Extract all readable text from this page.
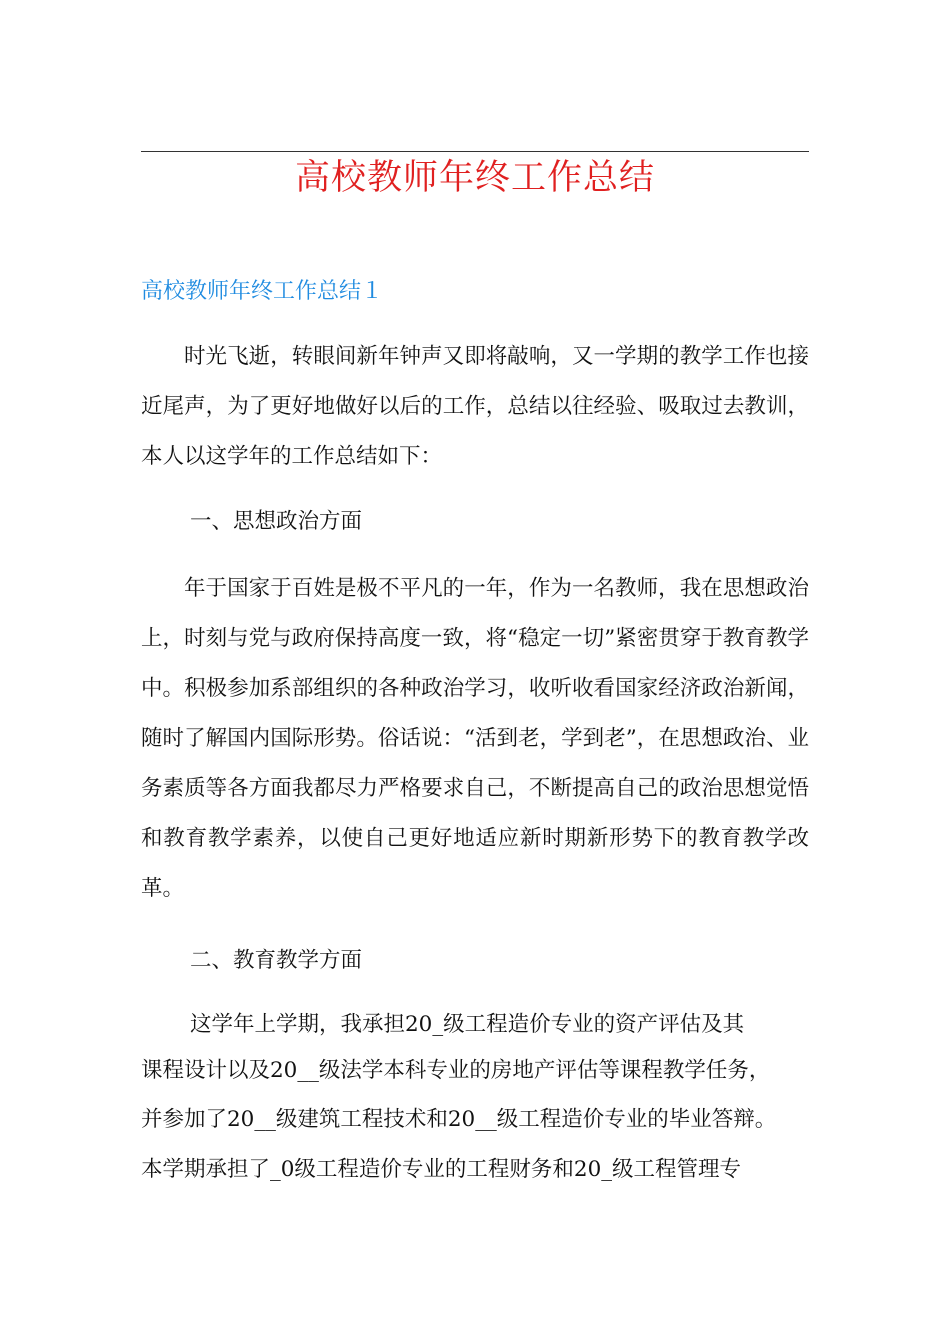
高校教师年终工作总结
高校教师年终工作总结１

时光飞逝，转眼间新年钟声又即将敲响，又一学期的教学工作也接近尾声，为了更好地做好以后的工作，总结以往经验、吸取过去教训，本人以这学年的工作总结如下：

一、思想政治方面

年于国家于百姓是极不平凡的一年，作为一名教师，我在思想政治上，时刻与党与政府保持高度一致，将“稳定一切”紧密贯穿于教育教学中。积极参加系部组织的各种政治学习，收听收看国家经济政治新闻，随时了解国内国际形势。俗话说：“活到老，学到老”，在思想政治、业务素质等各方面我都尽力严格要求自己，不断提高自己的政治思想觉悟和教育教学素养，以使自己更好地适应新时期新形势下的教育教学改革。

二、教育教学方面

这学年上学期，我承担20_级工程造价专业的资产评估及其

课程设计以及20__级法学本科专业的房地产评估等课程教学任务，

并参加了20__级建筑工程技术和20__级工程造价专业的毕业答辩。

本学期承担了_0级工程造价专业的工程财务和20_级工程管理专
